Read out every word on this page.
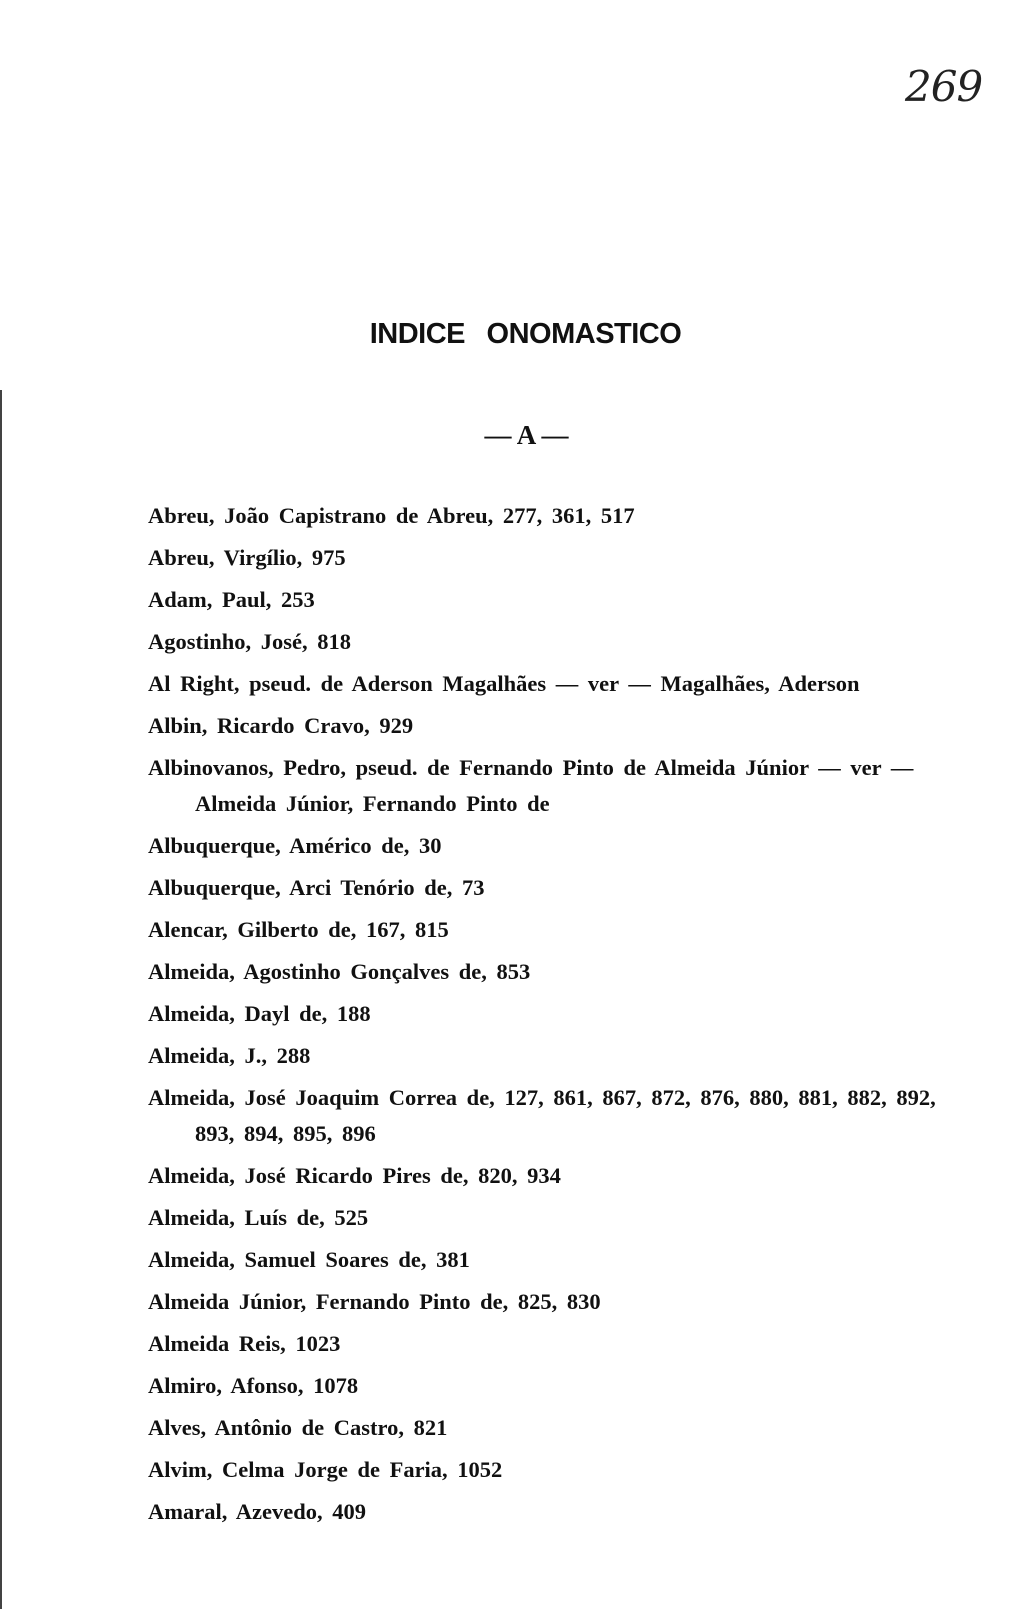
269
INDICE ONOMASTICO
— A —
Abreu, João Capistrano de Abreu, 277, 361, 517
Abreu, Virgílio, 975
Adam, Paul, 253
Agostinho, José, 818
Al Right, pseud. de Aderson Magalhães — ver — Magalhães, Aderson
Albin, Ricardo Cravo, 929
Albinovanos, Pedro, pseud. de Fernando Pinto de Almeida Júnior — ver — Almeida Júnior, Fernando Pinto de
Albuquerque, Américo de, 30
Albuquerque, Arci Tenório de, 73
Alencar, Gilberto de, 167, 815
Almeida, Agostinho Gonçalves de, 853
Almeida, Dayl de, 188
Almeida, J., 288
Almeida, José Joaquim Correa de, 127, 861, 867, 872, 876, 880, 881, 882, 892, 893, 894, 895, 896
Almeida, José Ricardo Pires de, 820, 934
Almeida, Luís de, 525
Almeida, Samuel Soares de, 381
Almeida Júnior, Fernando Pinto de, 825, 830
Almeida Reis, 1023
Almiro, Afonso, 1078
Alves, Antônio de Castro, 821
Alvim, Celma Jorge de Faria, 1052
Amaral, Azevedo, 409
